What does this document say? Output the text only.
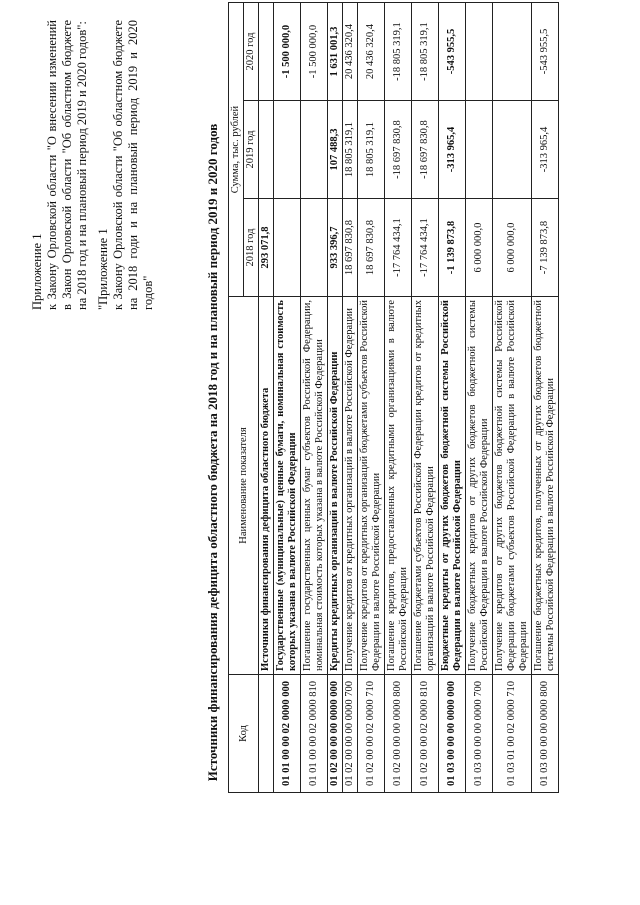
Приложение 1 к Закону Орловской области "О внесении изменений в Закон Орловской области "Об областном бюджете на 2018 год и на плановый период 2019 и 2020 годов": "Приложение 1 к Закону Орловской области "Об областном бюджете на 2018 годи и на плановый период 2019 и 2020 годов"	Источники финансирования дефицита областного бюджета на 2018 год и на плановый период 2019 и 2020 годов Код	Наименование показателя	Сумма, тыс. рублей		
		2018 год	2019 год	2020 год
	Источники финансирования дефицита областного бюджета	293 071,8		
01 01 00 00 02 0000 000	Государственные (муниципальные) ценные бумаги, номинальная стоимость которых указана в валюте Российской Федерации			-1 500 000,0
01 01 00 00 02 0000 810	Погашение государственных ценных бумаг субъектов Российской Федерации, номинальная стоимость которых указана в валюте Российской Федерации			-1 500 000,0
01 02 00 00 00 0000 000	Кредиты кредитных организаций в валюте Российской Федерации	933 396,7	107 488,3	1 631 001,3
01 02 00 00 00 0000 700	Получение кредитов от кредитных организаций в валюте Российской Федерации	18 697 830,8	18 805 319,1	20 436 320,4
01 02 00 00 02 0000 710	Получение кредитов от кредитных организаций бюджетами субъектов Российской Федерации в валюте Российской Федерации	18 697 830,8	18 805 319,1	20 436 320,4
01 02 00 00 00 0000 800	Погашение кредитов, предоставленных кредитными организациями в валюте Российской Федерации	-17 764 434,1	-18 697 830,8	-18 805 319,1
01 02 00 00 02 0000 810	Погашение бюджетами субъектов Российской Федерации кредитов от кредитных организаций в валюте Российской Федерации	-17 764 434,1	-18 697 830,8	-18 805 319,1
01 03 00 00 00 0000 000	Бюджетные кредиты от других бюджетов бюджетной системы Российской Федерации в валюте Российской Федерации	-1 139 873,8	-313 965,4	-543 955,5
01 03 00 00 00 0000 700	Получение бюджетных кредитов от других бюджетов бюджетной системы Российской Федерации в валюте Российской Федерации	6 000 000,0		
01 03 01 00 02 0000 710	Получение кредитов от других бюджетов бюджетной системы Российской Федерации бюджетами субъектов Российской Федерации в валюте Российской Федерации	6 000 000,0		
01 03 00 00 00 0000 800	Погашение бюджетных кредитов, полученных от других бюджетов бюджетной системы Российской Федерации в валюте Российской Федерации	-7 139 873,8	-313 965,4	-543 955,5
